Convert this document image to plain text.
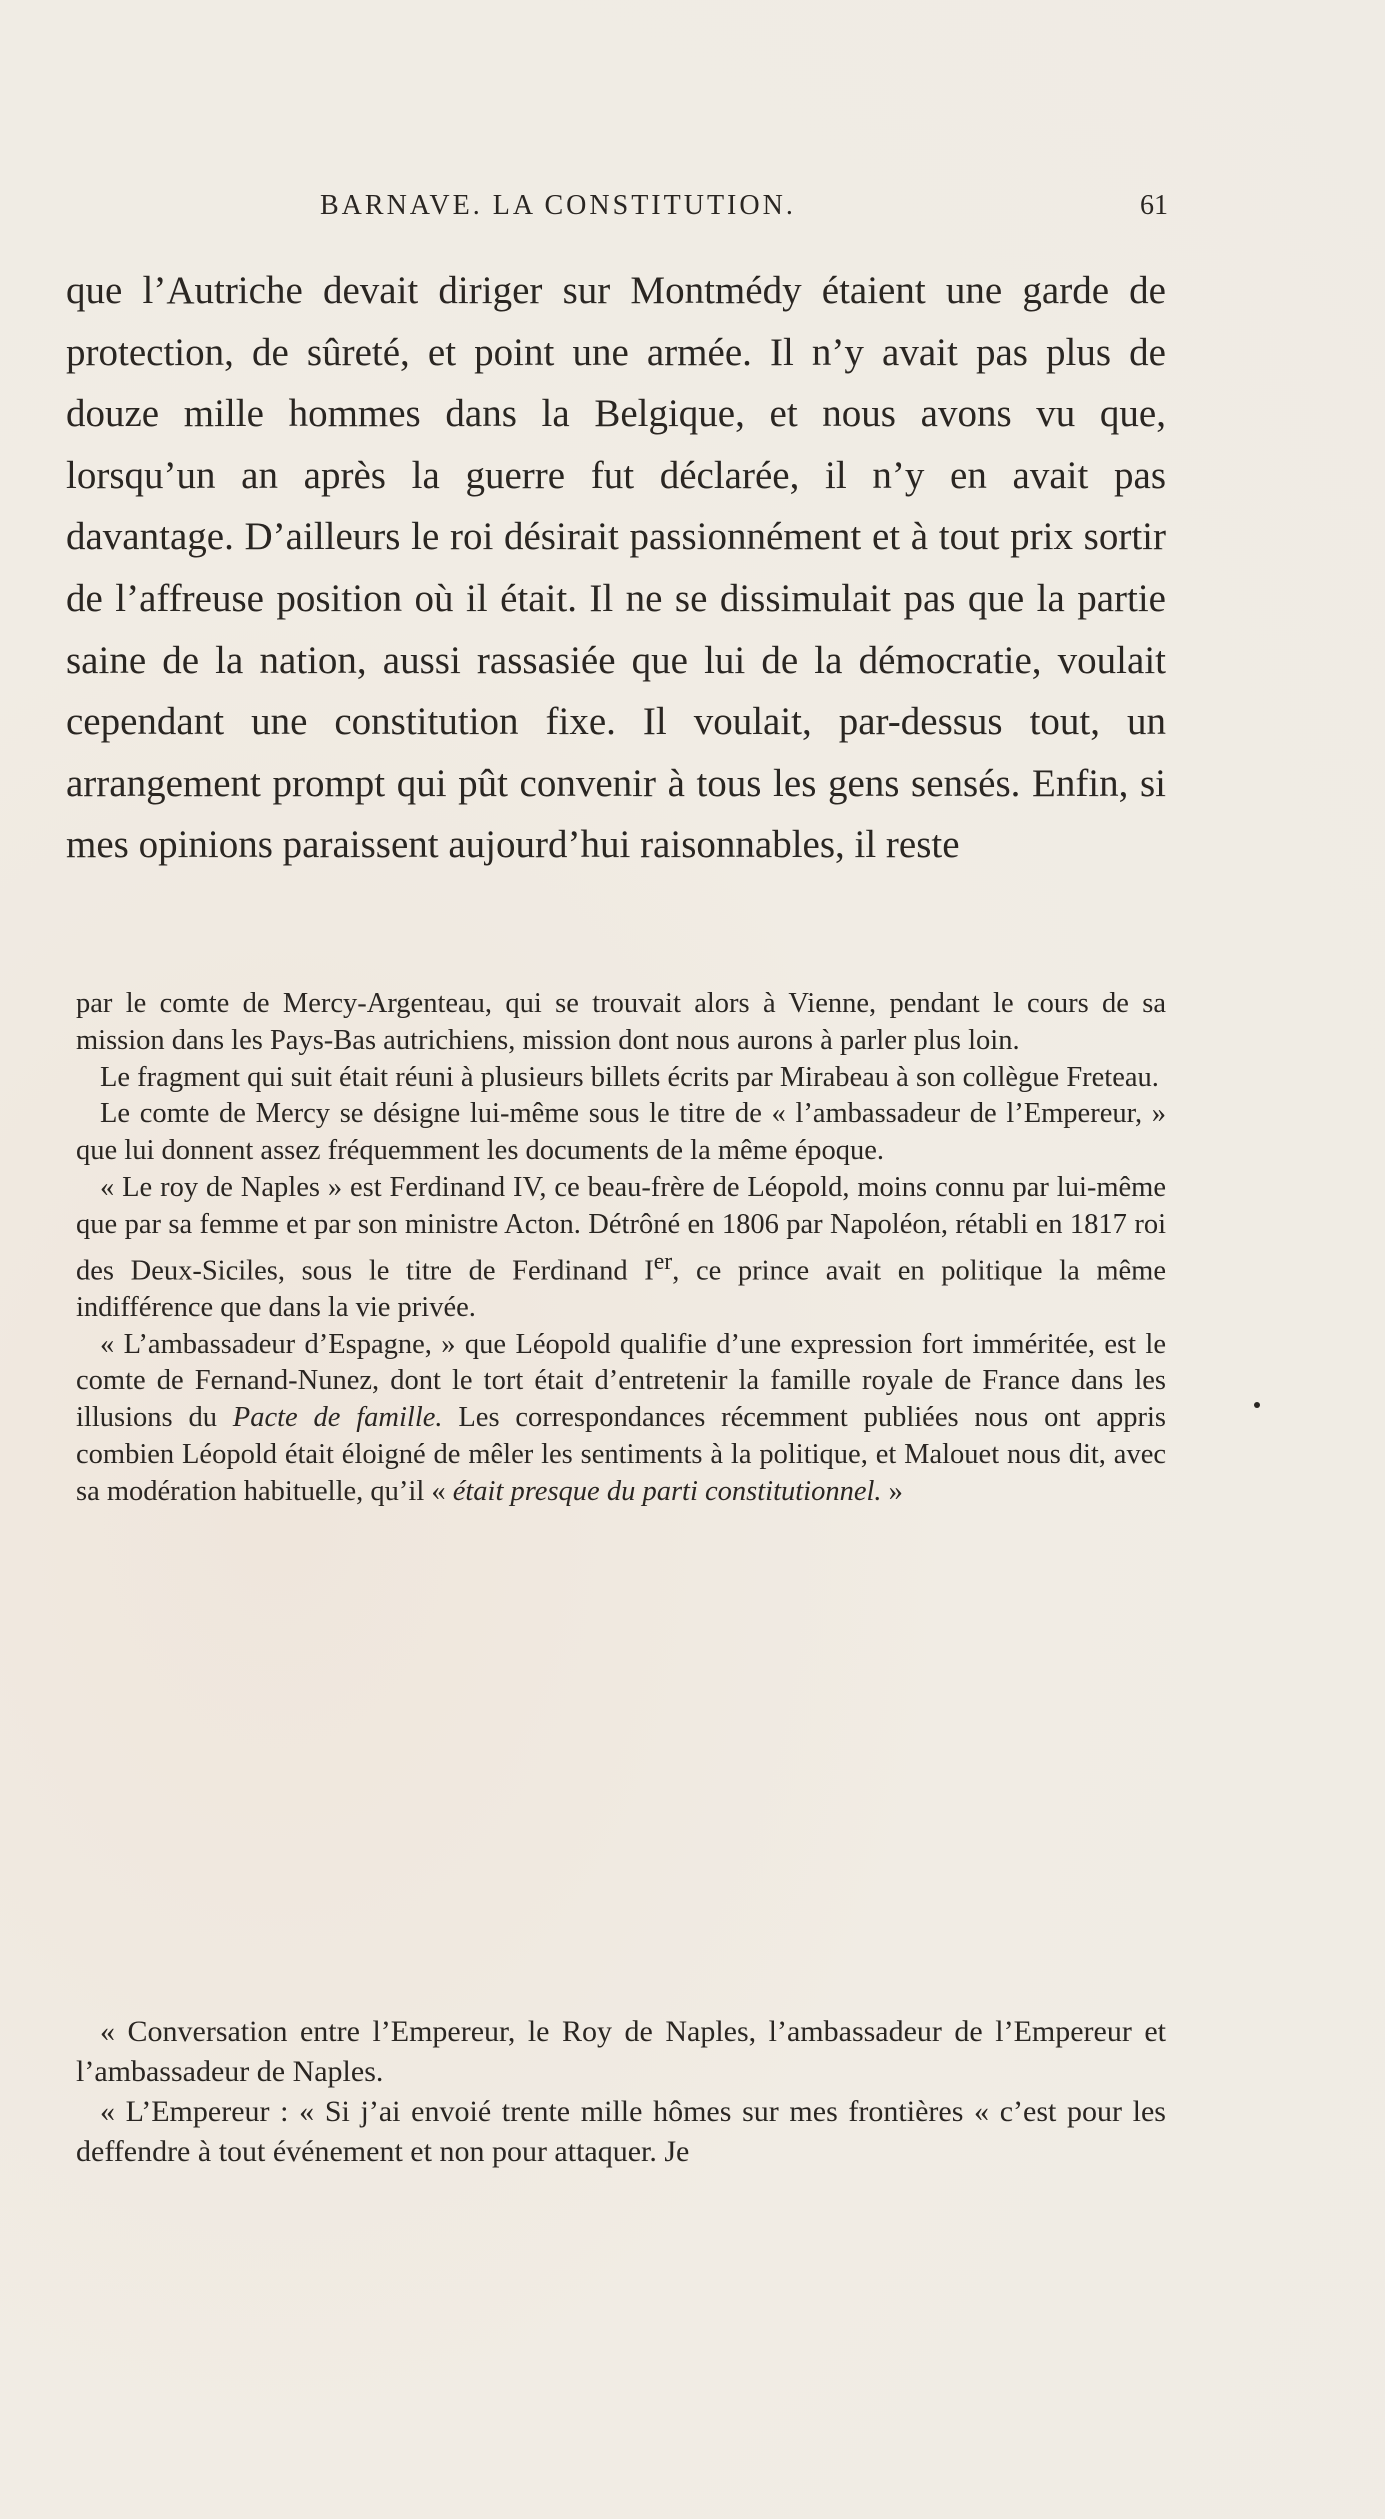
BARNAVE. LA CONSTITUTION.	61

que l’Autriche devait diriger sur Montmédy étaient une garde de protection, de sûreté, et point une armée. Il n’y avait pas plus de douze mille hommes dans la Belgique, et nous avons vu que, lorsqu’un an après la guerre fut déclarée, il n’y en avait pas davantage. D’ailleurs le roi désirait passionnément et à tout prix sortir de l’affreuse position où il était. Il ne se dissimulait pas que la partie saine de la nation, aussi rassasiée que lui de la démocratie, voulait cependant une constitution fixe. Il voulait, par-dessus tout, un arrangement prompt qui pût convenir à tous les gens sensés. Enfin, si mes opinions paraissent aujourd’hui raisonnables, il reste

par le comte de Mercy-Argenteau, qui se trouvait alors à Vienne, pendant le cours de sa mission dans les Pays-Bas autrichiens, mission dont nous aurons à parler plus loin.

Le fragment qui suit était réuni à plusieurs billets écrits par Mirabeau à son collègue Freteau.

Le comte de Mercy se désigne lui-même sous le titre de « l’ambassadeur de l’Empereur, » que lui donnent assez fréquemment les documents de la même époque.

« Le roy de Naples » est Ferdinand IV, ce beau-frère de Léopold, moins connu par lui-même que par sa femme et par son ministre Acton. Détrôné en 1806 par Napoléon, rétabli en 1817 roi des Deux-Siciles, sous le titre de Ferdinand Ier, ce prince avait en politique la même indifférence que dans la vie privée.

« L’ambassadeur d’Espagne, » que Léopold qualifie d’une expression fort imméritée, est le comte de Fernand-Nunez, dont le tort était d’entretenir la famille royale de France dans les illusions du Pacte de famille. Les correspondances récemment publiées nous ont appris combien Léopold était éloigné de mêler les sentiments à la politique, et Malouet nous dit, avec sa modération habituelle, qu’il « était presque du parti constitutionnel. »

« Conversation entre l’Empereur, le Roy de Naples, l’ambassadeur de l’Empereur et l’ambassadeur de Naples.

« L’Empereur : « Si j’ai envoié trente mille hômes sur mes frontières « c’est pour les deffendre à tout événement et non pour attaquer. Je
